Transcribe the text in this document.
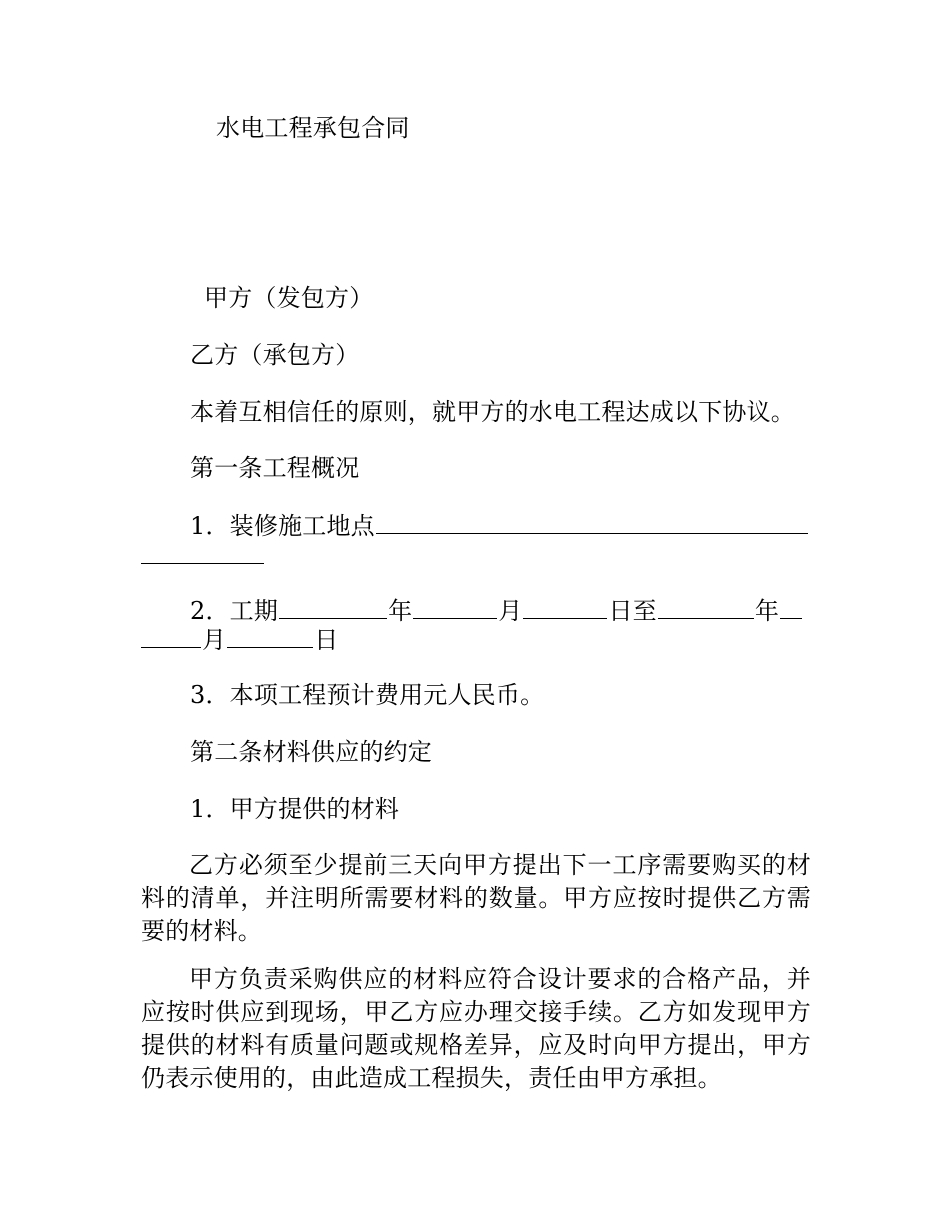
水电工程承包合同
甲方（发包方）
乙方（承包方）
本着互相信任的原则，就甲方的水电工程达成以下协议。
第一条工程概况
1．装修施工地点
2．工期	年	月	日至	年
月	日
3．本项工程预计费用元人民币。
第二条材料供应的约定
1．甲方提供的材料
乙方必须至少提前三天向甲方提出下一工序需要购买的材料的清单，并注明所需要材料的数量。甲方应按时提供乙方需要的材料。
甲方负责采购供应的材料应符合设计要求的合格产品，并应按时供应到现场，甲乙方应办理交接手续。乙方如发现甲方提供的材料有质量问题或规格差异，应及时向甲方提出，甲方仍表示使用的，由此造成工程损失，责任由甲方承担。
